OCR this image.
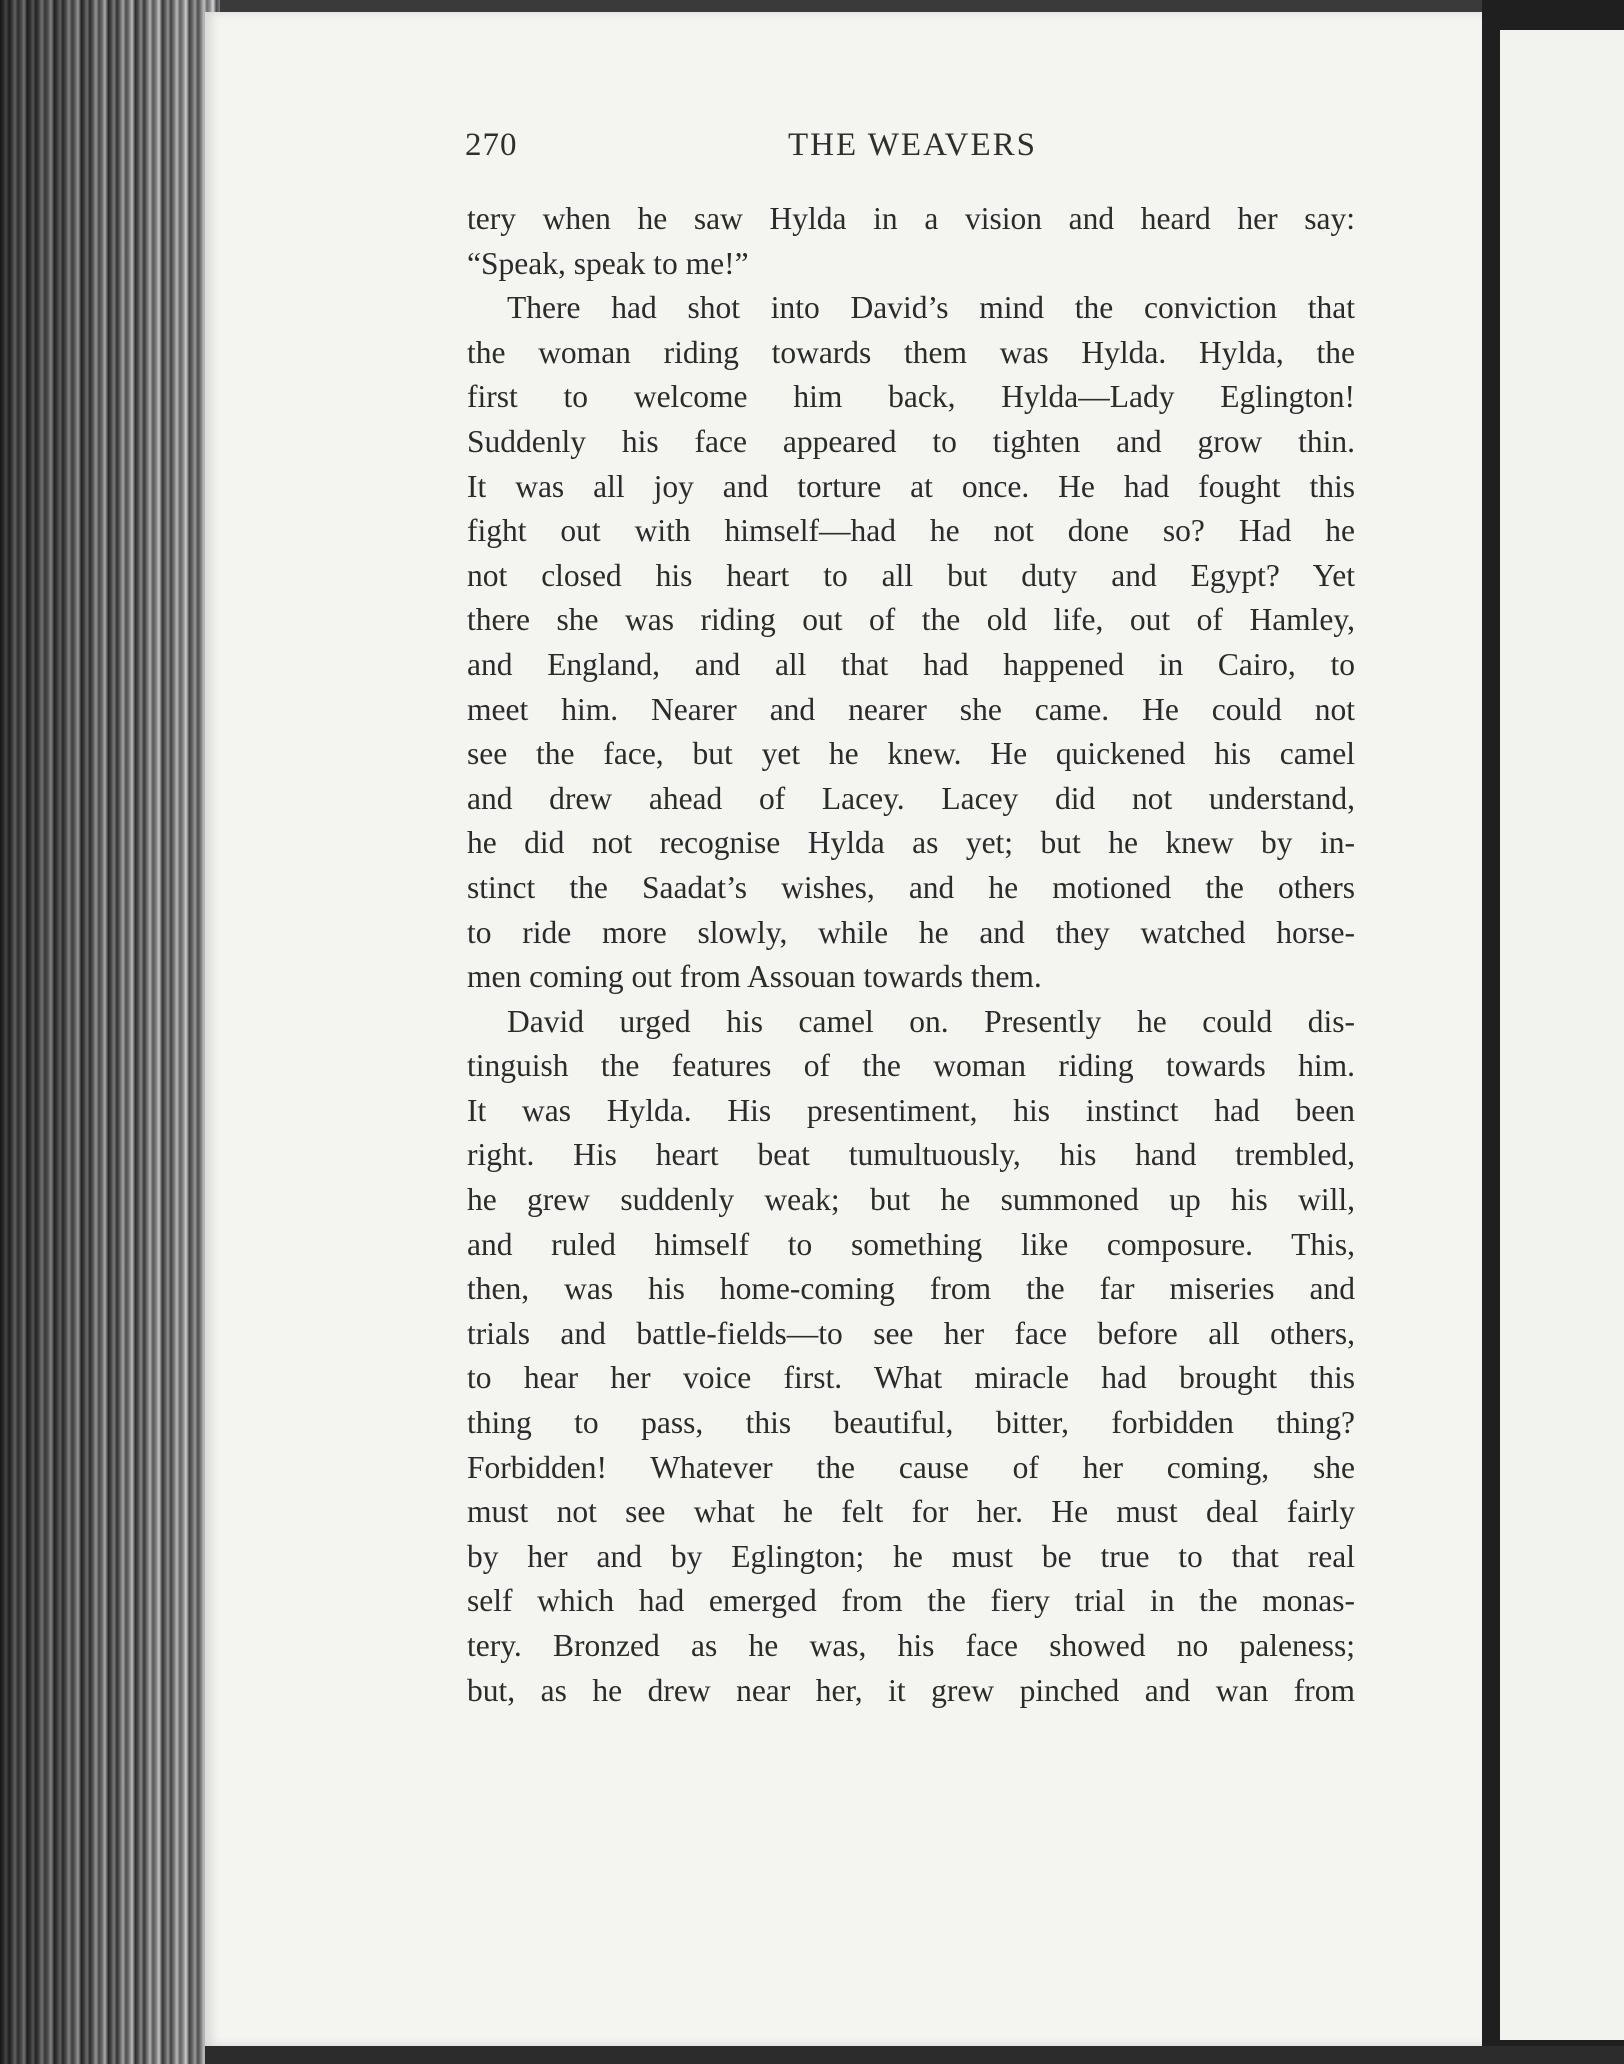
270	THE WEAVERS
tery when he saw Hylda in a vision and heard her say:
“Speak, speak to me!”
There had shot into David’s mind the conviction that
the woman riding towards them was Hylda. Hylda, the
first to welcome him back, Hylda—Lady Eglington!
Suddenly his face appeared to tighten and grow thin.
It was all joy and torture at once. He had fought this
fight out with himself—had he not done so? Had he
not closed his heart to all but duty and Egypt? Yet
there she was riding out of the old life, out of Hamley,
and England, and all that had happened in Cairo, to
meet him. Nearer and nearer she came. He could not
see the face, but yet he knew. He quickened his camel
and drew ahead of Lacey. Lacey did not understand,
he did not recognise Hylda as yet; but he knew by in-
stinct the Saadat’s wishes, and he motioned the others
to ride more slowly, while he and they watched horse-
men coming out from Assouan towards them.
David urged his camel on. Presently he could dis-
tinguish the features of the woman riding towards him.
It was Hylda. His presentiment, his instinct had been
right. His heart beat tumultuously, his hand trembled,
he grew suddenly weak; but he summoned up his will,
and ruled himself to something like composure. This,
then, was his home-coming from the far miseries and
trials and battle-fields—to see her face before all others,
to hear her voice first. What miracle had brought this
thing to pass, this beautiful, bitter, forbidden thing?
Forbidden! Whatever the cause of her coming, she
must not see what he felt for her. He must deal fairly
by her and by Eglington; he must be true to that real
self which had emerged from the fiery trial in the monas-
tery. Bronzed as he was, his face showed no paleness;
but, as he drew near her, it grew pinched and wan from
